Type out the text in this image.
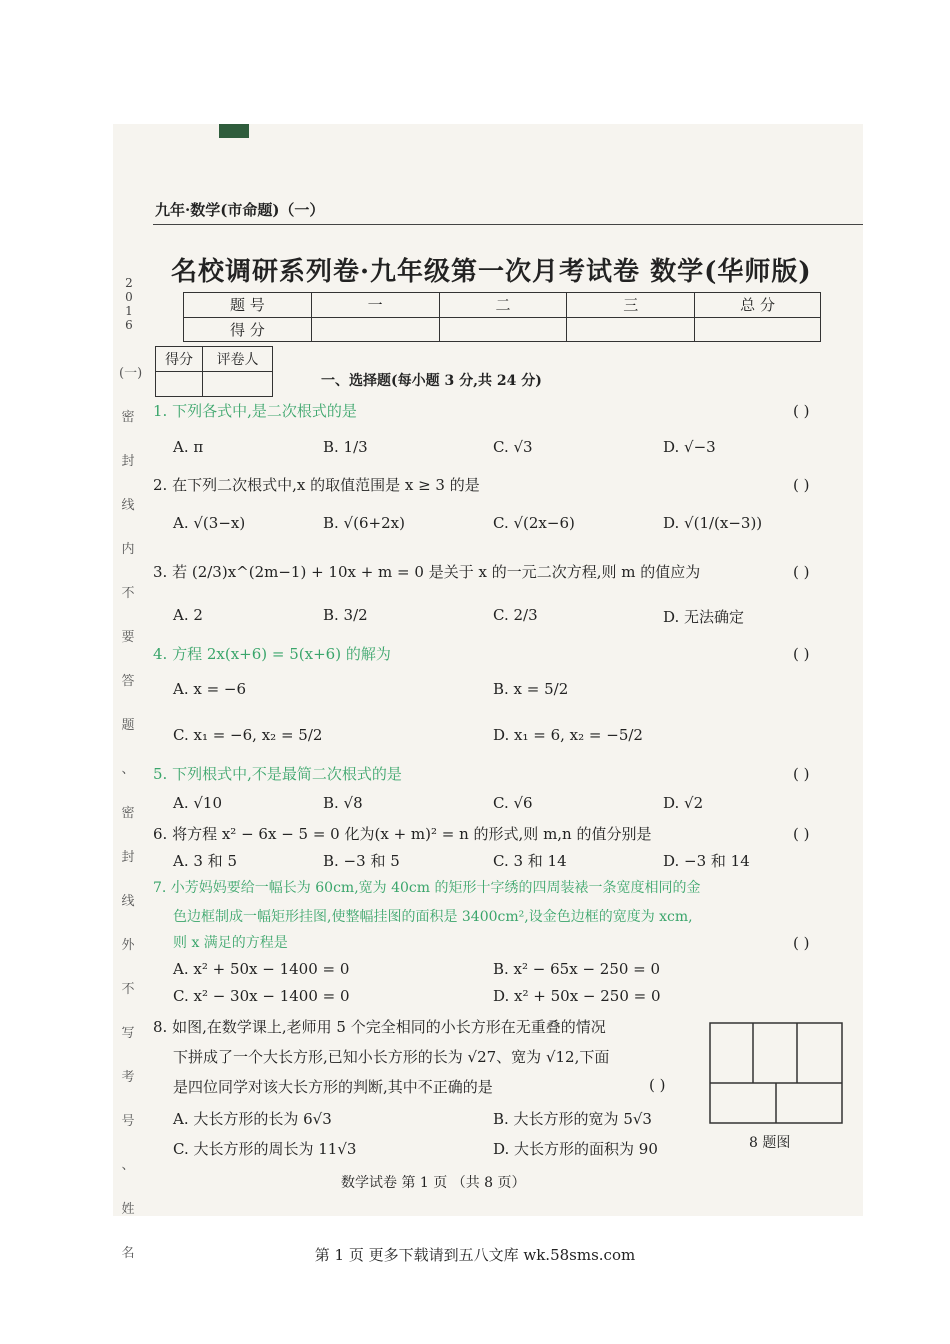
九年·数学(市命题)（一）
2
0
1
6
(一)
密
封
线
内
不
要
答
题
、
密
封
线
外
不
写
考
号
、
姓
名
名校调研系列卷·九年级第一次月考试卷 数学(华师版)
题 号	一	二	三	总 分
得 分				
得分	评卷人

一、选择题(每小题 3 分,共 24 分)
1. 下列各式中,是二次根式的是	( )
A. π	B. 1/3	C. √3	D. √−3
2. 在下列二次根式中,x 的取值范围是 x ≥ 3 的是	( )
A. √(3−x)	B. √(6+2x)	C. √(2x−6)	D. √(1/(x−3))
3. 若 (2/3)x^(2m−1) + 10x + m = 0 是关于 x 的一元二次方程,则 m 的值应为	( )
A. 2	B. 3/2	C. 2/3	D. 无法确定
4. 方程 2x(x+6) = 5(x+6) 的解为	( )
A. x = −6	B. x = 5/2
C. x₁ = −6, x₂ = 5/2	D. x₁ = 6, x₂ = −5/2
5. 下列根式中,不是最简二次根式的是	( )
A. √10	B. √8	C. √6	D. √2
6. 将方程 x² − 6x − 5 = 0 化为(x + m)² = n 的形式,则 m,n 的值分别是	( )
A. 3 和 5	B. −3 和 5	C. 3 和 14	D. −3 和 14
7. 小芳妈妈要给一幅长为 60cm,宽为 40cm 的矩形十字绣的四周装裱一条宽度相同的金
色边框制成一幅矩形挂图,使整幅挂图的面积是 3400cm²,设金色边框的宽度为 xcm,
则 x 满足的方程是	( )
A. x² + 50x − 1400 = 0	B. x² − 65x − 250 = 0
C. x² − 30x − 1400 = 0	D. x² + 50x − 250 = 0
8. 如图,在数学课上,老师用 5 个完全相同的小长方形在无重叠的情况
下拼成了一个大长方形,已知小长方形的长为 √27、宽为 √12,下面
是四位同学对该大长方形的判断,其中不正确的是	( )
A. 大长方形的长为 6√3	B. 大长方形的宽为 5√3
C. 大长方形的周长为 11√3	D. 大长方形的面积为 90	8 题图
数学试卷 第 1 页 （共 8 页）
第 1 页 更多下载请到五八文库 wk.58sms.com
